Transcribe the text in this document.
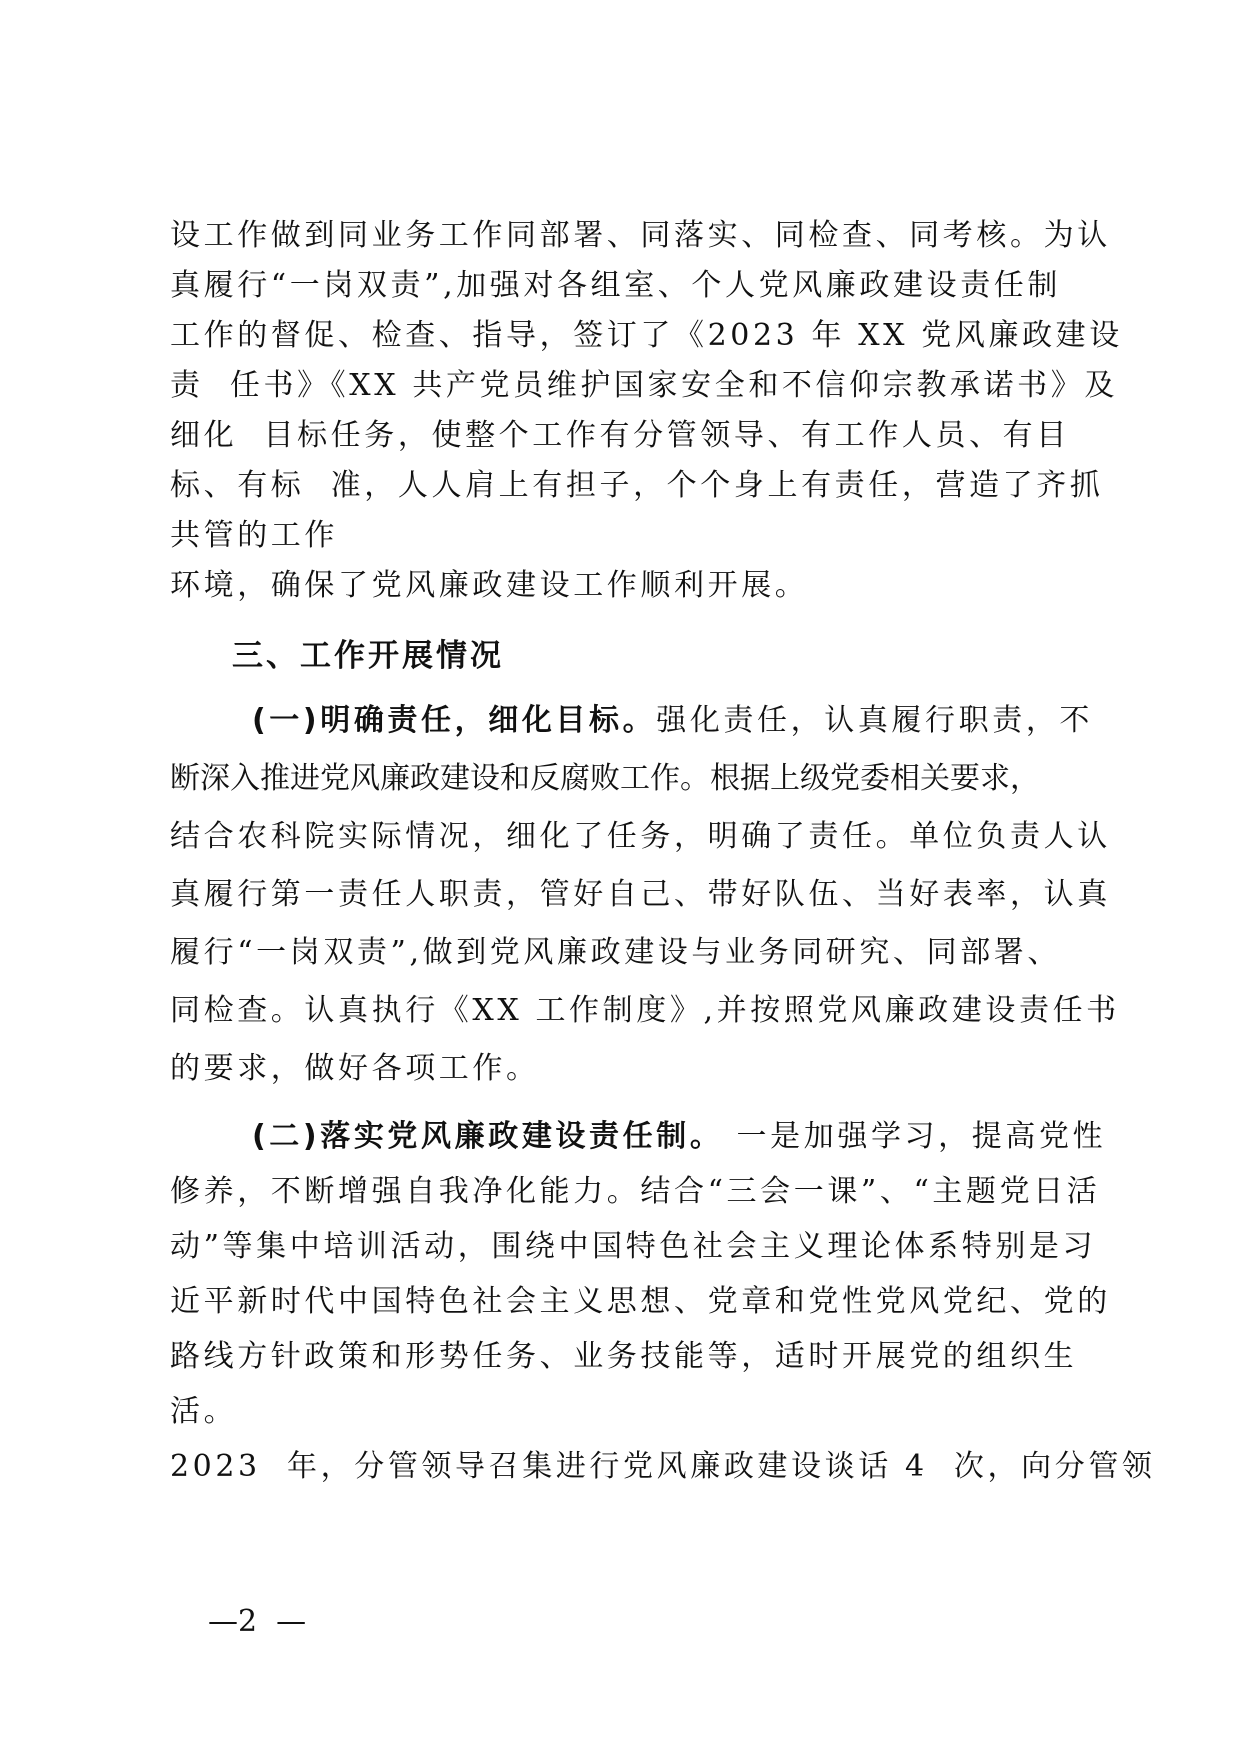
设工作做到同业务工作同部署、同落实、同检查、同考核。为认
真履行“一岗双责”,加强对各组室、个人党风廉政建设责任制
工作的督促、检查、指导，签订了《2023 年 XX 党风廉政建设
责  任书》《XX 共产党员维护国家安全和不信仰宗教承诺书》及
细化  目标任务，使整个工作有分管领导、有工作人员、有目
标、有标  准，人人肩上有担子，个个身上有责任，营造了齐抓
共管的工作
环境，确保了党风廉政建设工作顺利开展。
三、工作开展情况
(一)明确责任，细化目标。强化责任，认真履行职责，不
断深入推进党风廉政建设和反腐败工作。根据上级党委相关要求，
结合农科院实际情况，细化了任务，明确了责任。单位负责人认
真履行第一责任人职责，管好自己、带好队伍、当好表率，认真
履行“一岗双责”,做到党风廉政建设与业务同研究、同部署、
同检查。认真执行《XX 工作制度》,并按照党风廉政建设责任书
的要求，做好各项工作。
(二)落实党风廉政建设责任制。 一是加强学习，提高党性
修养，不断增强自我净化能力。结合“三会一课”、“主题党日活
动”等集中培训活动，围绕中国特色社会主义理论体系特别是习
近平新时代中国特色社会主义思想、党章和党性党风党纪、党的
路线方针政策和形势任务、业务技能等，适时开展党的组织生
活。
2023  年，分管领导召集进行党风廉政建设谈话 4  次，向分管领
—2  —
